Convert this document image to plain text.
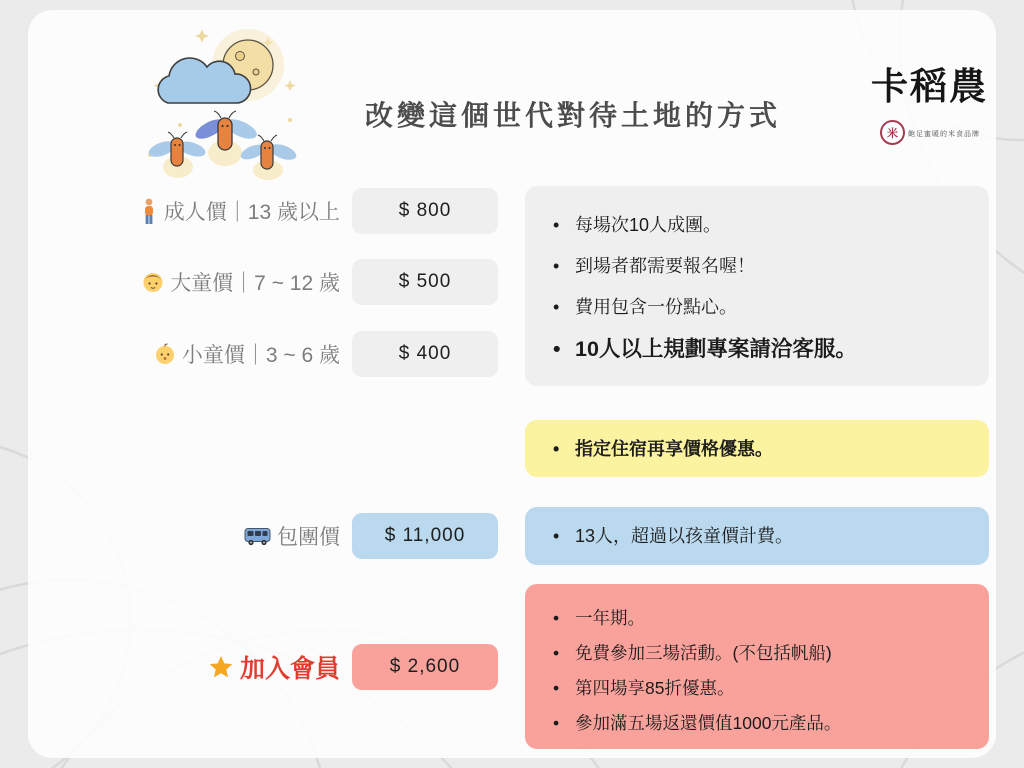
改變這個世代對待土地的方式
卡稻農
米	飽足蜜暖的米食品牌
成人價｜13 歲以上	$ 800
大童價｜7 ~ 12 歲	$ 500
小童價｜3 ~ 6 歲	$ 400
包團價	$ 11,000
加入會員	$ 2,600
• 每場次10人成團。
• 到場者都需要報名喔！
• 費用包含一份點心。
• 10人以上規劃專案請洽客服。
• 指定住宿再享價格優惠。
• 13人，超過以孩童價計費。
• 一年期。
• 免費參加三場活動。(不包括帆船)
• 第四場享85折優惠。
• 參加滿五場返還價值1000元產品。
